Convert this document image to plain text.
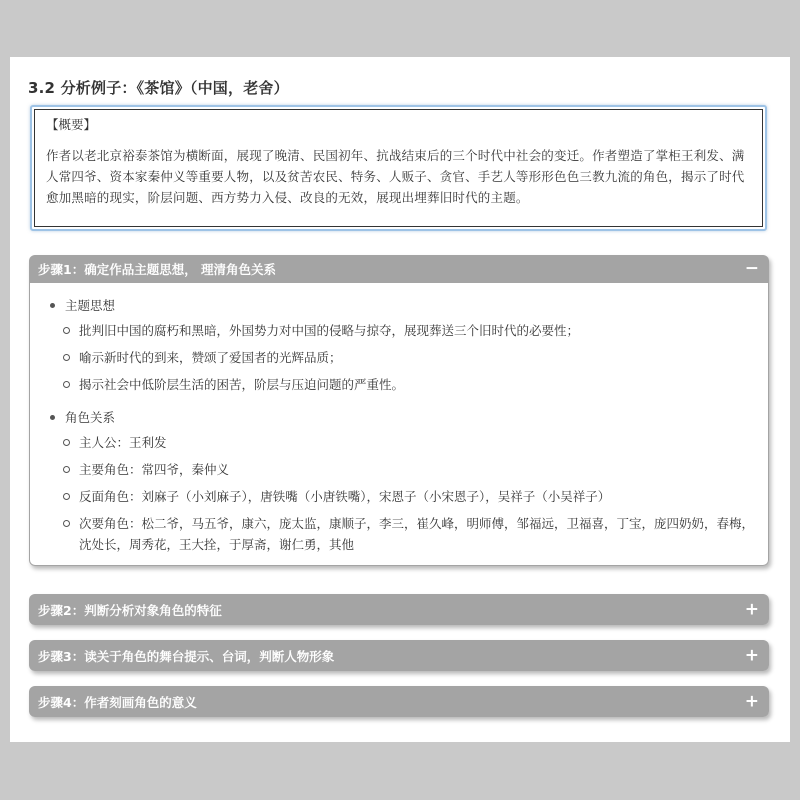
3.2 分析例子：《茶馆》（中国，老舍）

【概要】

作者以老北京裕泰茶馆为横断面，展现了晚清、民国初年、抗战结束后的三个时代中社会的变迁。作者塑造了掌柜王利发、满人常四爷、资本家秦仲义等重要人物，以及贫苦农民、特务、人贩子、贪官、手艺人等形形色色三教九流的角色，揭示了时代愈加黑暗的现实，阶层问题、西方势力入侵、改良的无效，展现出埋葬旧时代的主题。

步骤1：确定作品主题思想， 理清角色关系	−
主题思想
批判旧中国的腐朽和黑暗，外国势力对中国的侵略与掠夺，展现葬送三个旧时代的必要性；
喻示新时代的到来，赞颂了爱国者的光辉品质；
揭示社会中低阶层生活的困苦，阶层与压迫问题的严重性。
角色关系
主人公：王利发
主要角色：常四爷，秦仲义
反面角色：刘麻子（小刘麻子），唐铁嘴（小唐铁嘴），宋恩子（小宋恩子），吴祥子（小吴祥子）
次要角色：松二爷，马五爷，康六，庞太监，康顺子，李三，崔久峰，明师傅，邹福远，卫福喜，丁宝，庞四奶奶，春梅，沈处长，周秀花，王大拴，于厚斋，谢仁勇，其他
步骤2：判断分析对象角色的特征	+
步骤3：读关于角色的舞台提示、台词，判断人物形象	+
步骤4：作者刻画角色的意义	+
